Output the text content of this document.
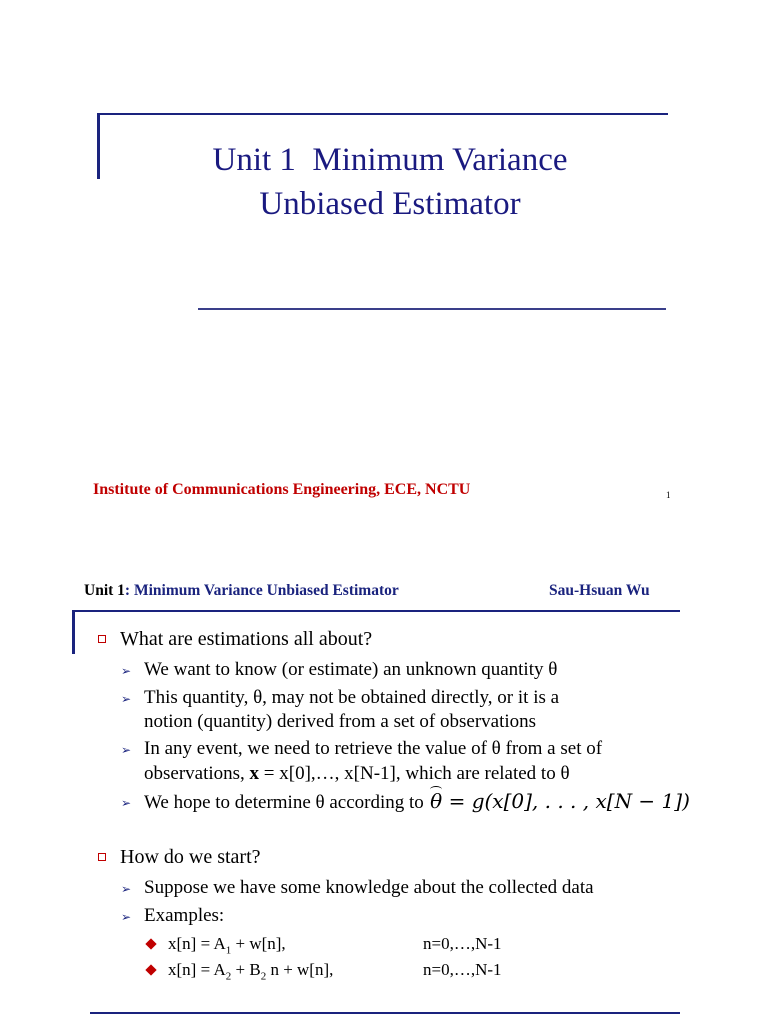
Unit 1  Minimum Variance
Unbiased Estimator
Institute of Communications Engineering, ECE, NCTU	1
Unit 1: Minimum Variance Unbiased Estimator	Sau-Hsuan Wu
What are estimations all about?
➢ We want to know (or estimate) an unknown quantity θ
➢ This quantity, θ, may not be obtained directly, or it is a
notion (quantity) derived from a set of observations
➢ In any event, we need to retrieve the value of θ from a set of
observations, x = x[0],…, x[N-1], which are related to θ
➢ We hope to determine θ according to θ = g(x[0], . . . , x[N − 1])
How do we start?
➢ Suppose we have some knowledge about the collected data
➢ Examples:
$x[n] = A_1 + w[n]$,	n=0,…,N-1
$x[n] = A_2 + B_2$ n + w[n],	n=0,…,N-1
